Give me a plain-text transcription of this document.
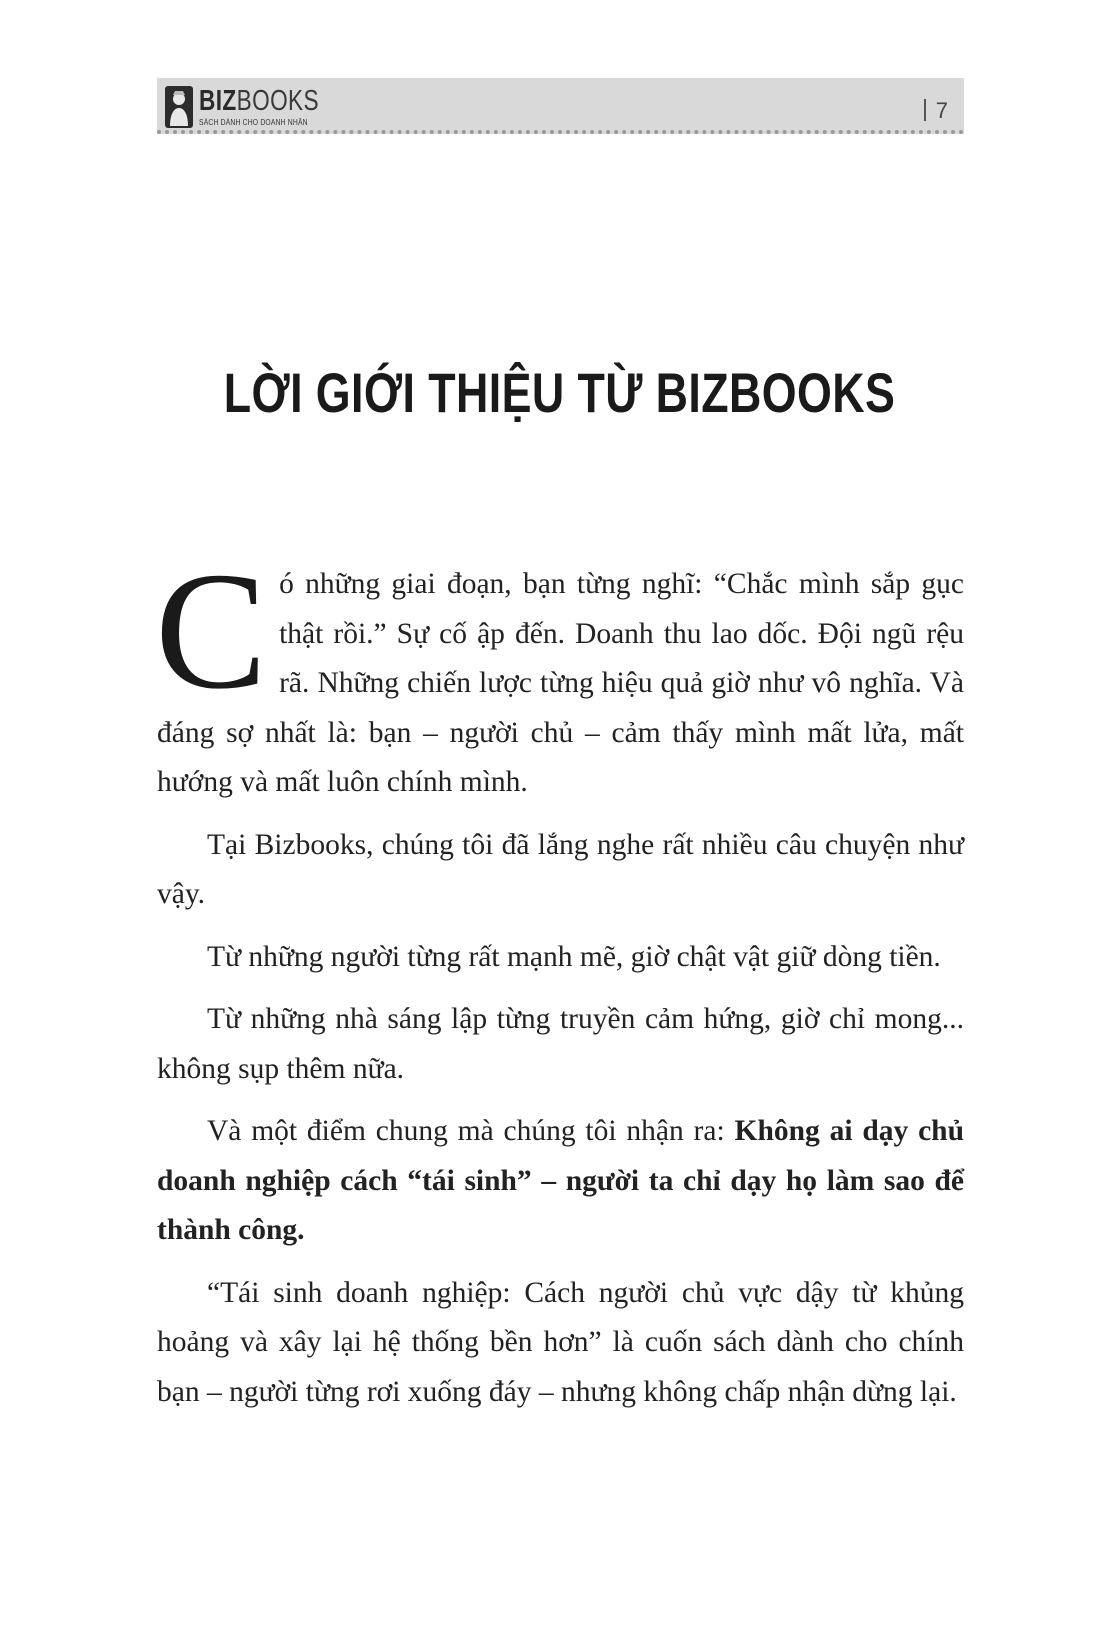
BIZBOOKS
SÁCH DÀNH CHO DOANH NHÂN	7
LỜI GIỚI THIỆU TỪ BIZBOOKS

Có những giai đoạn, bạn từng nghĩ: “Chắc mình sắp gục thật rồi.” Sự cố ập đến. Doanh thu lao dốc. Đội ngũ rệu rã. Những chiến lược từng hiệu quả giờ như vô nghĩa. Và đáng sợ nhất là: bạn – người chủ – cảm thấy mình mất lửa, mất hướng và mất luôn chính mình.

Tại Bizbooks, chúng tôi đã lắng nghe rất nhiều câu chuyện như vậy.

Từ những người từng rất mạnh mẽ, giờ chật vật giữ dòng tiền.

Từ những nhà sáng lập từng truyền cảm hứng, giờ chỉ mong... không sụp thêm nữa.

Và một điểm chung mà chúng tôi nhận ra: Không ai dạy chủ doanh nghiệp cách “tái sinh” – người ta chỉ dạy họ làm sao để thành công.

“Tái sinh doanh nghiệp: Cách người chủ vực dậy từ khủng hoảng và xây lại hệ thống bền hơn” là cuốn sách dành cho chính bạn – người từng rơi xuống đáy – nhưng không chấp nhận dừng lại.
